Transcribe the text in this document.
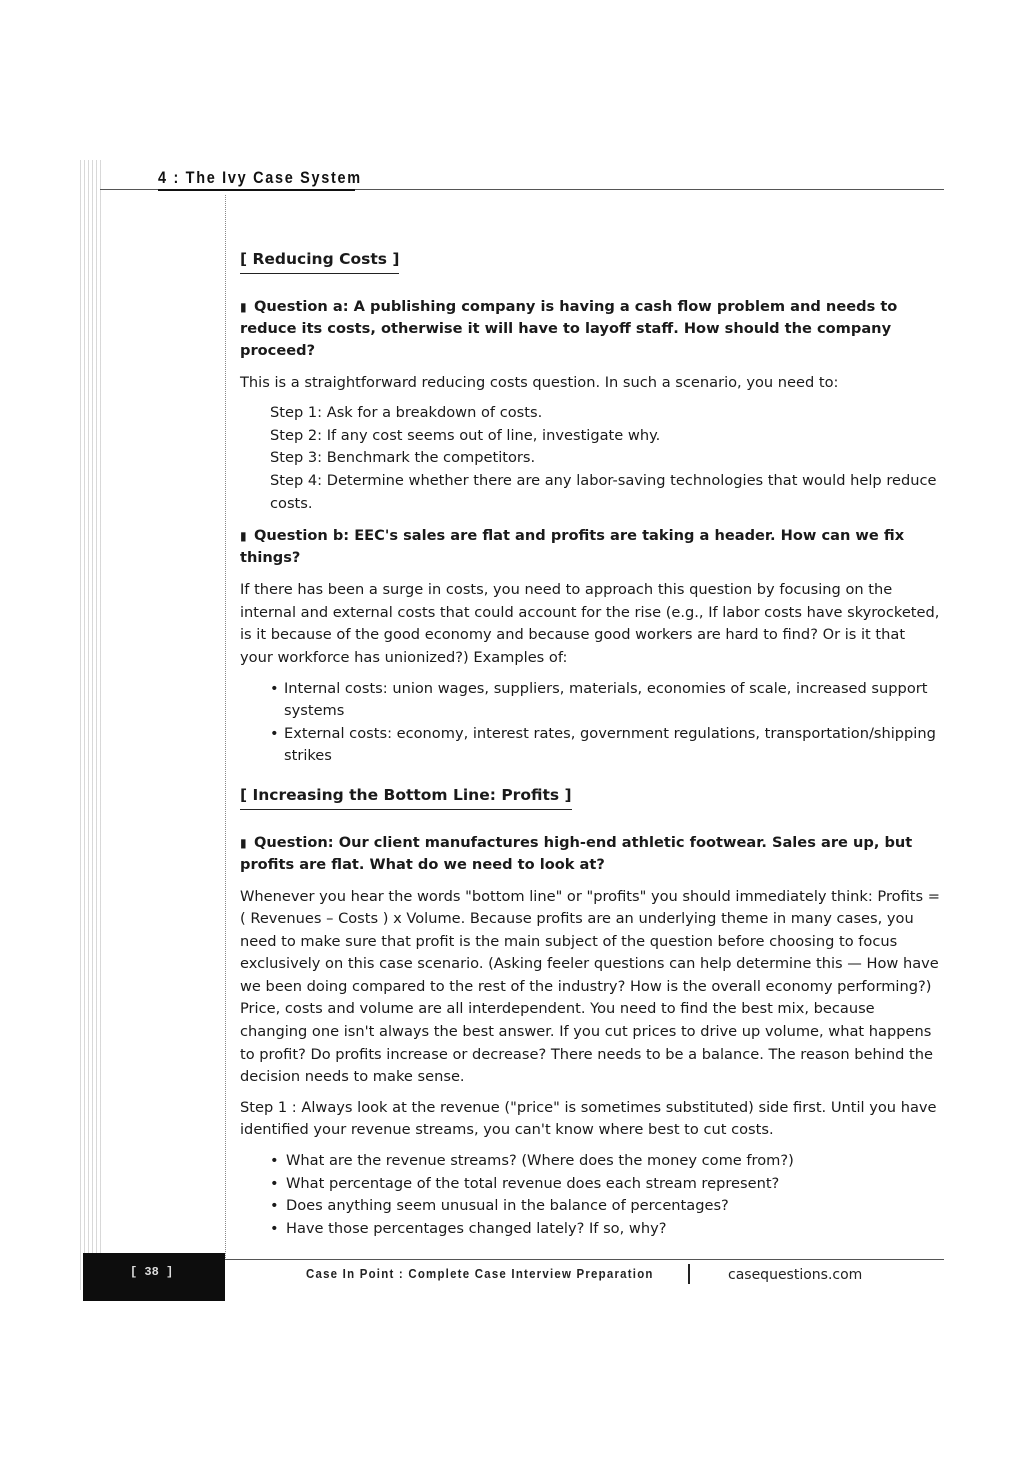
4 : The Ivy Case System
[ Reducing Costs ]
▮ Question a: A publishing company is having a cash flow problem and needs to reduce its costs, otherwise it will have to layoff staff. How should the company proceed?

This is a straightforward reducing costs question. In such a scenario, you need to:

Step 1: Ask for a breakdown of costs.
Step 2: If any cost seems out of line, investigate why.
Step 3: Benchmark the competitors.
Step 4: Determine whether there are any labor-saving technologies that would help reduce costs.
▮ Question b: EEC's sales are flat and profits are taking a header. How can we fix things?

If there has been a surge in costs, you need to approach this question by focusing on the internal and external costs that could account for the rise (e.g., If labor costs have skyrocketed, is it because of the good economy and because good workers are hard to find? Or is it that your workforce has unionized?) Examples of:

• Internal costs: union wages, suppliers, materials, economies of scale, increased support systems
• External costs: economy, interest rates, government regulations, transportation/shipping strikes
[ Increasing the Bottom Line: Profits ]
▮ Question: Our client manufactures high-end athletic footwear. Sales are up, but profits are flat. What do we need to look at?

Whenever you hear the words "bottom line" or "profits" you should immediately think: Profits = ( Revenues – Costs ) x Volume. Because profits are an underlying theme in many cases, you need to make sure that profit is the main subject of the question before choosing to focus exclusively on this case scenario. (Asking feeler questions can help determine this — How have we been doing compared to the rest of the industry? How is the overall economy performing?) Price, costs and volume are all interdependent. You need to find the best mix, because changing one isn't always the best answer. If you cut prices to drive up volume, what happens to profit? Do profits increase or decrease? There needs to be a balance. The reason behind the decision needs to make sense.

Step 1 : Always look at the revenue ("price" is sometimes substituted) side first. Until you have identified your revenue streams, you can't know where best to cut costs.

• What are the revenue streams? (Where does the money come from?)
• What percentage of the total revenue does each stream represent?
• Does anything seem unusual in the balance of percentages?
• Have those percentages changed lately? If so, why?
[ 38 ]	Case In Point : Complete Case Interview Preparation	casequestions.com
